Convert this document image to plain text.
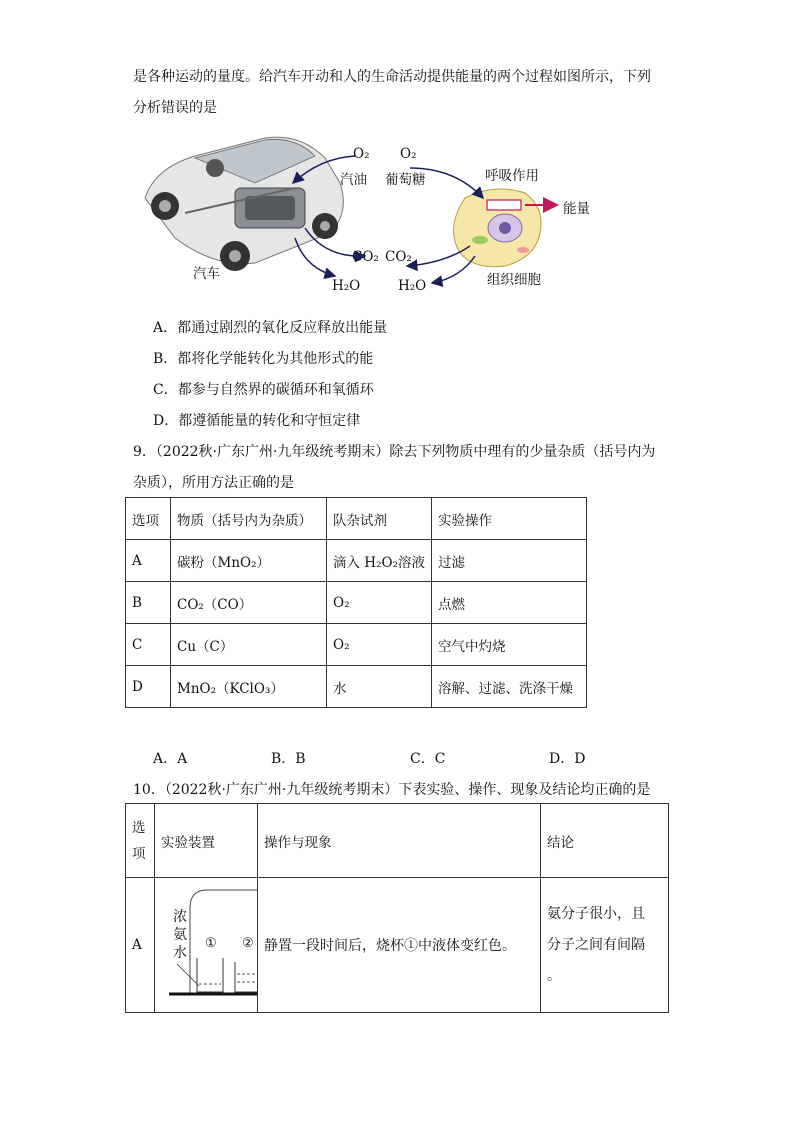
是各种运动的量度。给汽车开动和人的生命活动提供能量的两个过程如图所示，下列
分析错误的是
O₂ O₂
汽油 葡萄糖	呼吸作用
能量
CO₂ CO₂
汽车
H₂O	H₂O	组织细胞
A．都通过剧烈的氧化反应释放出能量
B．都将化学能转化为其他形式的能
C．都参与自然界的碳循环和氧循环
D．都遵循能量的转化和守恒定律
9．（2022秋·广东广州·九年级统考期末）除去下列物质中理有的少量杂质（括号内为
杂质），所用方法正确的是
选项	物质（括号内为杂质）	队杂试剂	实验操作
A	碳粉（MnO₂）	滴入 H₂O₂溶液	过滤
B	CO₂（CO）	O₂	点燃
C	Cu（C）	O₂	空气中灼烧
D	MnO₂（KClO₃）	水	溶解、过滤、洗涤干燥
A．A	B．B	C．C	D．D
10．（2022秋·广东广州·九年级统考期末）下表实验、操作、现象及结论均正确的是
选
项	实验装置	操作与现象	结论
A	浓
氨
水
① ②	静置一段时间后，烧杯①中液体变红色。	氨分子很小，且
分子之间有间隔
。
